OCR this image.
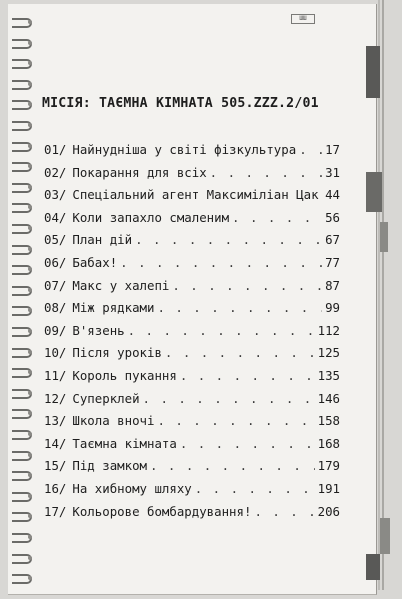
ШШ
МІСІЯ: ТАЄМНА КІМНАТА 505.ZZZ.2/01
01/ Найнудніша у світі фізкультура . . . 17
02/ Покарання для всіх . . .	31
03/ Спеціальний агент Максиміліан Цак . . . 44
04/ Коли запахло смаленим . . .	56
05/ План дій . . .	67
06/ Бабах! . . .	77
07/ Макс у халепі . . .	87
08/ Між рядками . . .	99
09/ В'язень . . .	112
10/ Після уроків . . .	125
11/ Король пукання . . .	135
12/ Суперклей . . .	146
13/ Школа вночі . . .	158
14/ Таємна кімната . . .	168
15/ Під замком . . .	179
16/ На хибному шляху . . .	191
17/ Кольорове бомбардування! . . .	206
